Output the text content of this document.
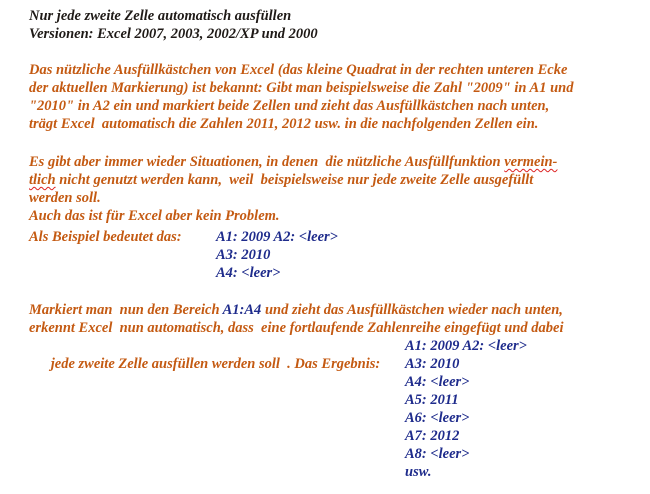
Nur jede zweite Zelle automatisch ausfüllen
Versionen: Excel 2007, 2003, 2002/XP und 2000
Das nützliche Ausfüllkästchen von Excel (das kleine Quadrat in der rechten unteren Ecke
der aktuellen Markierung) ist bekannt: Gibt man beispielsweise die Zahl "2009" in A1 und
"2010" in A2 ein und markiert beide Zellen und zieht das Ausfüllkästchen nach unten,
trägt Excel  automatisch die Zahlen 2011, 2012 usw. in die nachfolgenden Zellen ein.
Es gibt aber immer wieder Situationen, in denen  die nützliche Ausfüllfunktion vermein-
tlich nicht genutzt werden kann,  weil  beispielsweise nur jede zweite Zelle ausgefüllt
werden soll.
Auch das ist für Excel aber kein Problem.

Als Beispiel bedeutet das:

A1: 2009 A2: <leer>

A3: 2010

A4: <leer>

Markiert man  nun den Bereich A1:A4 und zieht das Ausfüllkästchen wieder nach unten,
erkennt Excel  nun automatisch, dass  eine fortlaufende Zahlenreihe eingefügt und dabei

jede zweite Zelle ausfüllen werden soll  . Das Ergebnis:

A1: 2009 A2: <leer>

A3: 2010
A4: <leer>
A5: 2011
A6: <leer>
A7: 2012
A8: <leer>
usw.
